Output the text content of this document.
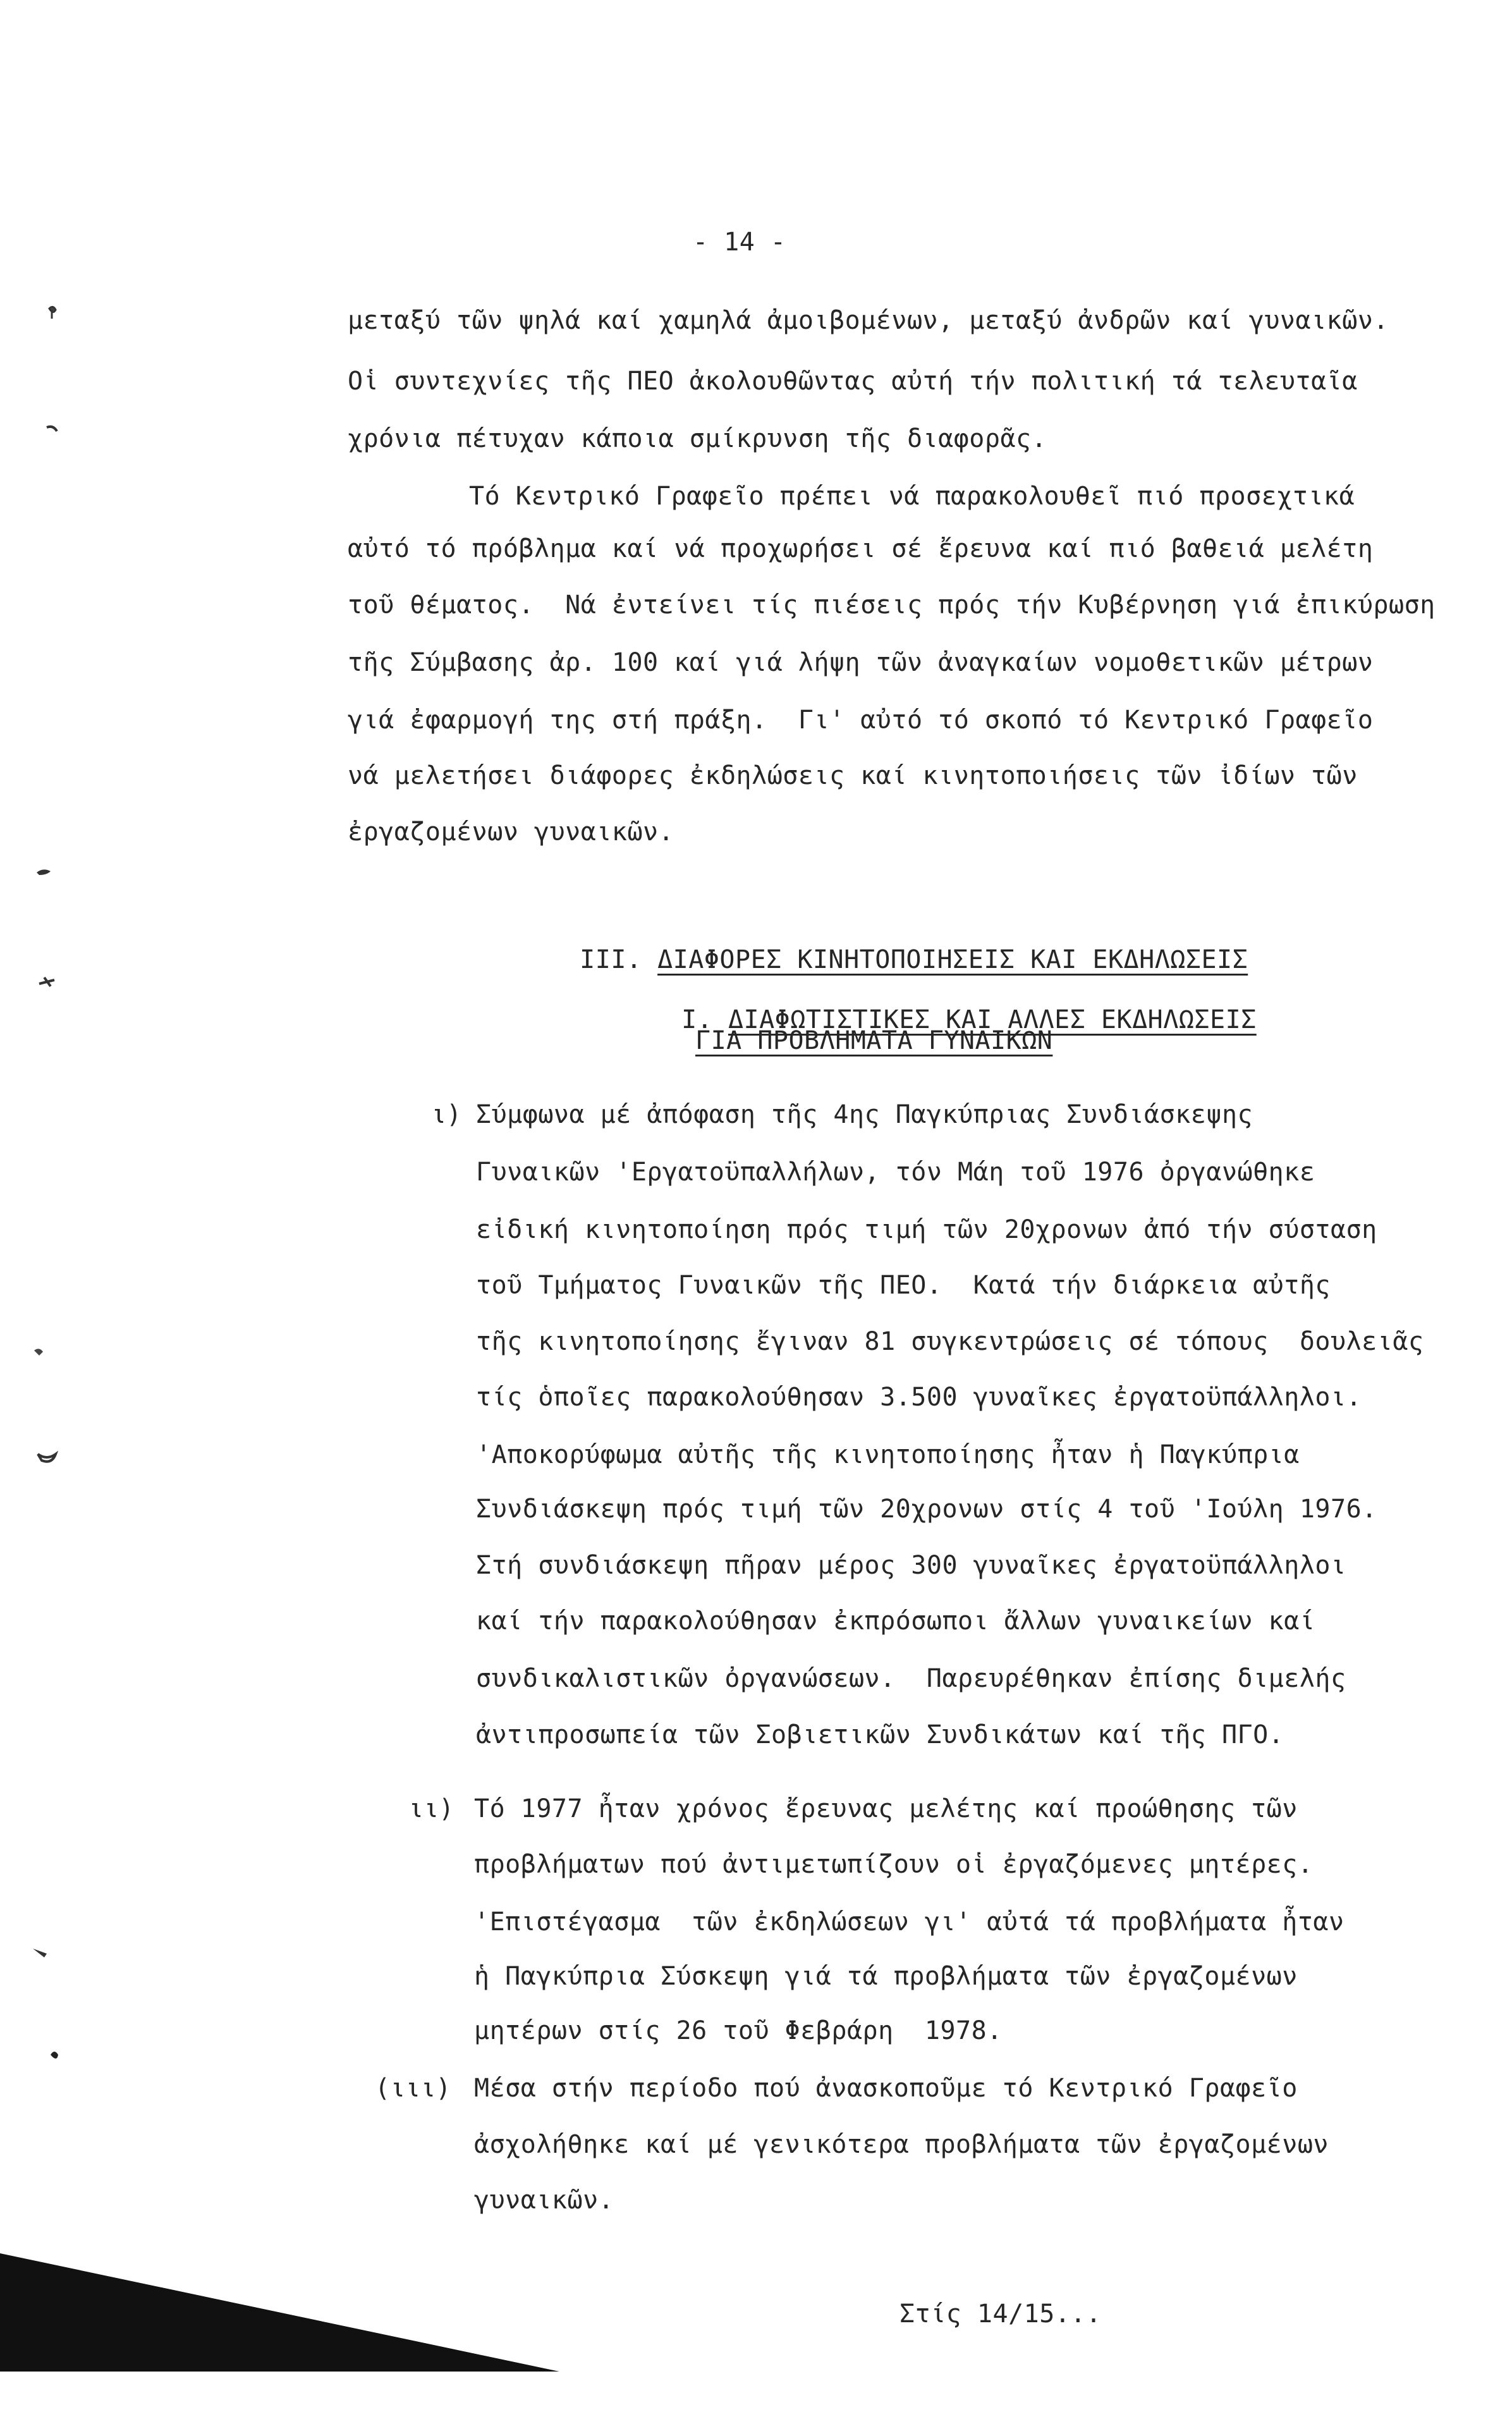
- 14 -
μεταξύ τῶν ψηλά καί χαμηλά ἀμοιβομένων, μεταξύ ἀνδρῶν καί γυναικῶν.
Οἱ συντεχνίες τῆς ΠΕΟ ἀκολουθῶντας αὐτή τήν πολιτική τά τελευταῖα
χρόνια πέτυχαν κάποια σμίκρυνση τῆς διαφορᾶς.
Τό Κεντρικό Γραφεῖο πρέπει νά παρακολουθεῖ πιό προσεχτικά
αὐτό τό πρόβλημα καί νά προχωρήσει σέ ἔρευνα καί πιό βαθειά μελέτη
τοῦ θέματος.  Νά ἐντείνει τίς πιέσεις πρός τήν Κυβέρνηση γιά ἐπικύρωση
τῆς Σύμβασης ἀρ. 100 καί γιά λήψη τῶν ἀναγκαίων νομοθετικῶν μέτρων
γιά ἐφαρμογή της στή πράξη.  Γι' αὐτό τό σκοπό τό Κεντρικό Γραφεῖο
νά μελετήσει διάφορες ἐκδηλώσεις καί κινητοποιήσεις τῶν ἰδίων τῶν
ἐργαζομένων γυναικῶν.

III. ΔΙΑΦΟΡΕΣ ΚΙΝΗΤΟΠΟΙΗΣΕΙΣ ΚΑΙ ΕΚΔΗΛΩΣΕΙΣ

I. ΔΙΑΦΩΤΙΣΤΙΚΕΣ ΚΑΙ ΑΛΛΕΣ ΕΚΔΗΛΩΣΕΙΣ

ΓΙΑ ΠΡΟΒΛΗΜΑΤΑ ΓΥΝΑΙΚΩΝ
ι) Σύμφωνα μέ ἀπόφαση τῆς 4ης Παγκύπριας Συνδιάσκεψης
Γυναικῶν 'Εργατοϋπαλλήλων, τόν Μάη τοῦ 1976 ὀργανώθηκε
εἰδική κινητοποίηση πρός τιμή τῶν 20χρονων ἀπό τήν σύσταση
τοῦ Τμήματος Γυναικῶν τῆς ΠΕΟ.  Κατά τήν διάρκεια αὐτῆς
τῆς κινητοποίησης ἔγιναν 81 συγκεντρώσεις σέ τόπους  δουλειᾶς
τίς ὁποῖες παρακολούθησαν 3.500 γυναῖκες ἐργατοϋπάλληλοι.
'Αποκορύφωμα αὐτῆς τῆς κινητοποίησης ἦταν ἡ Παγκύπρια
Συνδιάσκεψη πρός τιμή τῶν 20χρονων στίς 4 τοῦ 'Ιούλη 1976.
Στή συνδιάσκεψη πῆραν μέρος 300 γυναῖκες ἐργατοϋπάλληλοι
καί τήν παρακολούθησαν ἐκπρόσωποι ἄλλων γυναικείων καί
συνδικαλιστικῶν ὀργανώσεων.  Παρευρέθηκαν ἐπίσης διμελής
ἀντιπροσωπεία τῶν Σοβιετικῶν Συνδικάτων καί τῆς ΠΓΟ.
ιι) Τό 1977 ἦταν χρόνος ἔρευνας μελέτης καί προώθησης τῶν
προβλήματων πού ἀντιμετωπίζουν οἱ ἐργαζόμενες μητέρες.
'Επιστέγασμα  τῶν ἐκδηλώσεων γι' αὐτά τά προβλήματα ἦταν
ἡ Παγκύπρια Σύσκεψη γιά τά προβλήματα τῶν ἐργαζομένων
μητέρων στίς 26 τοῦ Φεβράρη  1978.
(ιιι) Μέσα στήν περίοδο πού ἀνασκοποῦμε τό Κεντρικό Γραφεῖο
ἀσχολήθηκε καί μέ γενικότερα προβλήματα τῶν ἐργαζομένων
γυναικῶν.
Στίς 14/15...
